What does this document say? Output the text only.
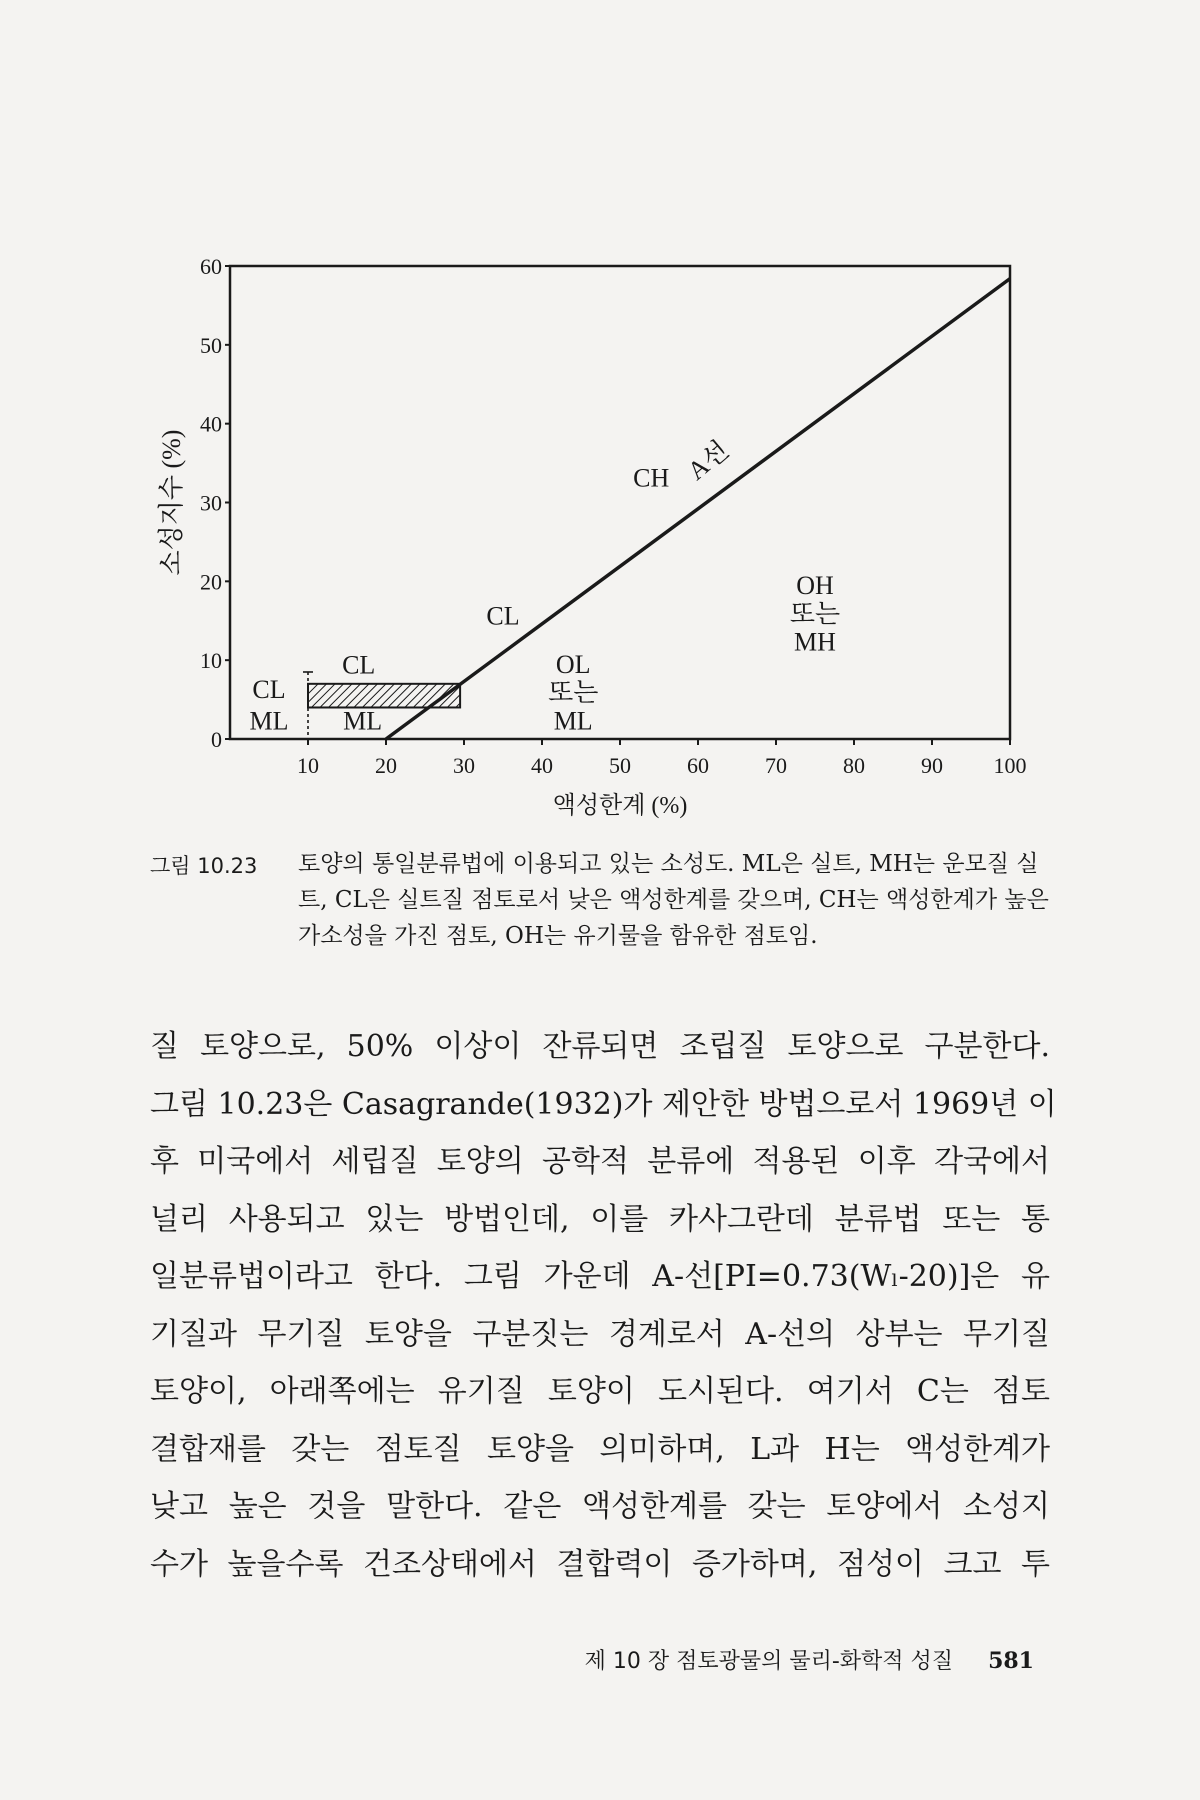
0
10
20
30
40
50
60
10	20	30	40	50	60	70	80	90 100
액성한계 (%)
소성지수 (%)
CL
ML
CL
ML
CL
OL
또는
ML
CH
OH
또는
MH
A선
그림 10.23	토양의 통일분류법에 이용되고 있는 소성도. ML은 실트, MH는 운모질 실트, CL은 실트질 점토로서 낮은 액성한계를 갖으며, CH는 액성한계가 높은 가소성을 가진 점토, OH는 유기물을 함유한 점토임.
질 토양으로, 50% 이상이 잔류되면 조립질 토양으로 구분한다.
그림 10.23은 Casagrande(1932)가 제안한 방법으로서 1969년 이
후 미국에서 세립질 토양의 공학적 분류에 적용된 이후 각국에서
널리 사용되고 있는 방법인데, 이를 카사그란데 분류법 또는 통
일분류법이라고 한다. 그림 가운데 A-선[PI=0.73(Wₗ-20)]은 유
기질과 무기질 토양을 구분짓는 경계로서 A-선의 상부는 무기질
토양이, 아래쪽에는 유기질 토양이 도시된다. 여기서 C는 점토
결합재를 갖는 점토질 토양을 의미하며, L과 H는 액성한계가
낮고 높은 것을 말한다. 같은 액성한계를 갖는 토양에서 소성지
수가 높을수록 건조상태에서 결합력이 증가하며, 점성이 크고 투
제 10 장 점토광물의 물리-화학적 성질 581
